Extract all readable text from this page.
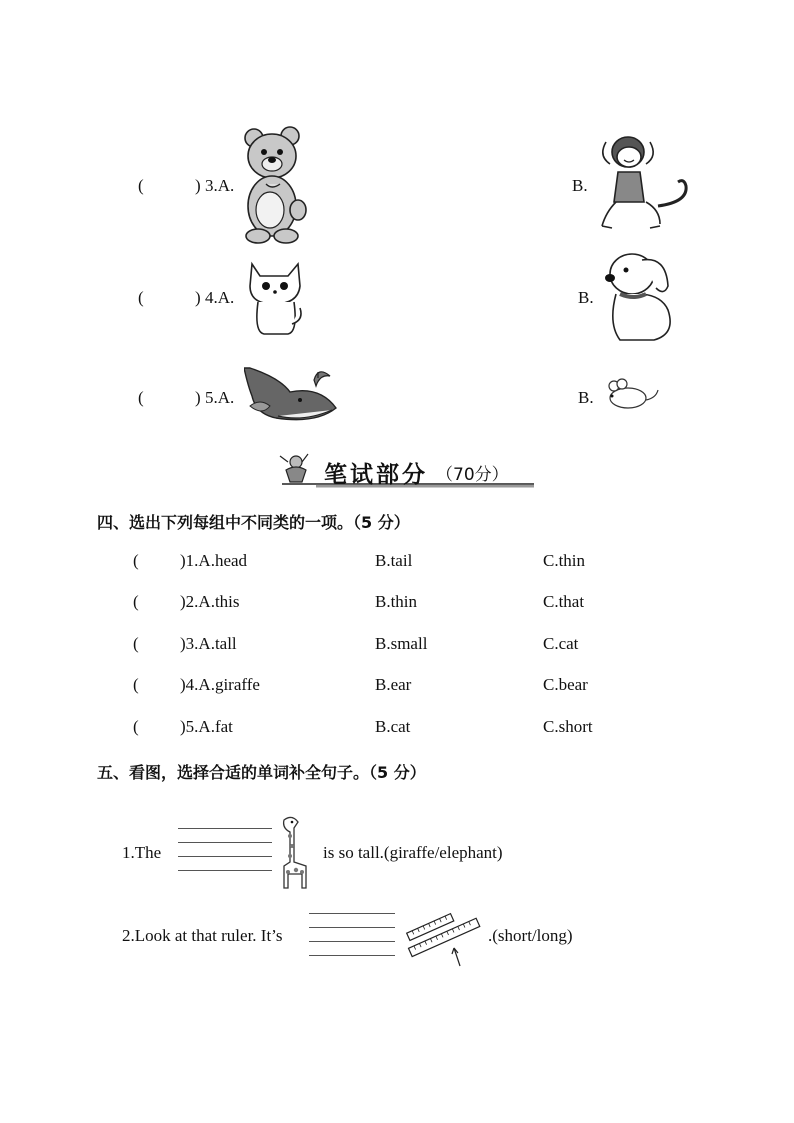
(	) 3.A.	B.
(	) 4.A.	B.
(	) 5.A.	B.
笔试部分 （70分）
四、选出下列每组中不同类的一项。（5 分）
( )1.A.head	B.tail	C.thin
( )2.A.this	B.thin	C.that
( )3.A.tall	B.small	C.cat
( )4.A.giraffe	B.ear	C.bear
( )5.A.fat	B.cat	C.short
五、看图，选择合适的单词补全句子。（5 分）
1.The	is so tall.(giraffe/elephant)
2.Look at that ruler. It’s	.(short/long)
